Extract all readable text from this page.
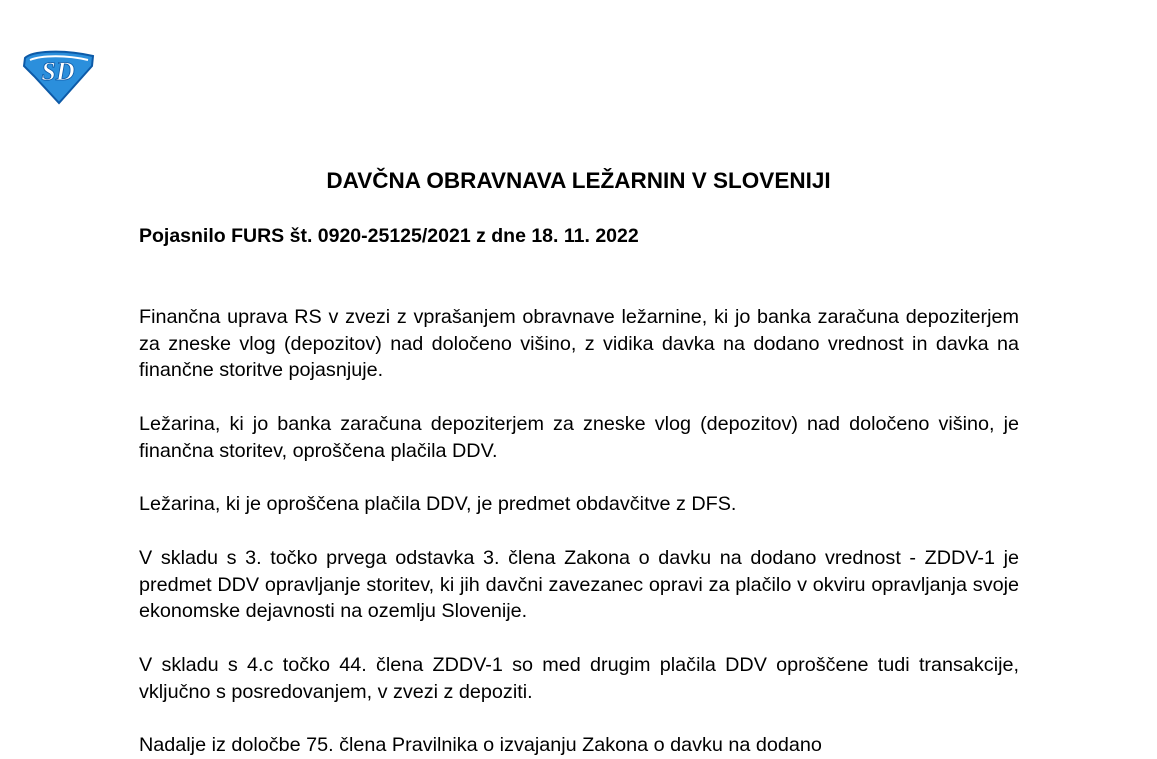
SD
DAVČNA OBRAVNAVA LEŽARNIN V SLOVENIJI

Pojasnilo FURS št. 0920-25125/2021 z dne 18. 11. 2022

Finančna uprava RS v zvezi z vprašanjem obravnave ležarnine, ki jo banka zaračuna depoziterjem za zneske vlog (depozitov) nad določeno višino, z vidika davka na dodano vrednost in davka na finančne storitve pojasnjuje.

Ležarina, ki jo banka zaračuna depoziterjem za zneske vlog (depozitov) nad določeno višino, je finančna storitev, oproščena plačila DDV.

Ležarina, ki je oproščena plačila DDV, je predmet obdavčitve z DFS.

V skladu s 3. točko prvega odstavka 3. člena Zakona o davku na dodano vrednost - ZDDV-1 je predmet DDV opravljanje storitev, ki jih davčni zavezanec opravi za plačilo v okviru opravljanja svoje ekonomske dejavnosti na ozemlju Slovenije.

V skladu s 4.c točko 44. člena ZDDV-1 so med drugim plačila DDV oproščene tudi transakcije, vključno s posredovanjem, v zvezi z depoziti.

Nadalje iz določbe 75. člena Pravilnika o izvajanju Zakona o davku na dodano
